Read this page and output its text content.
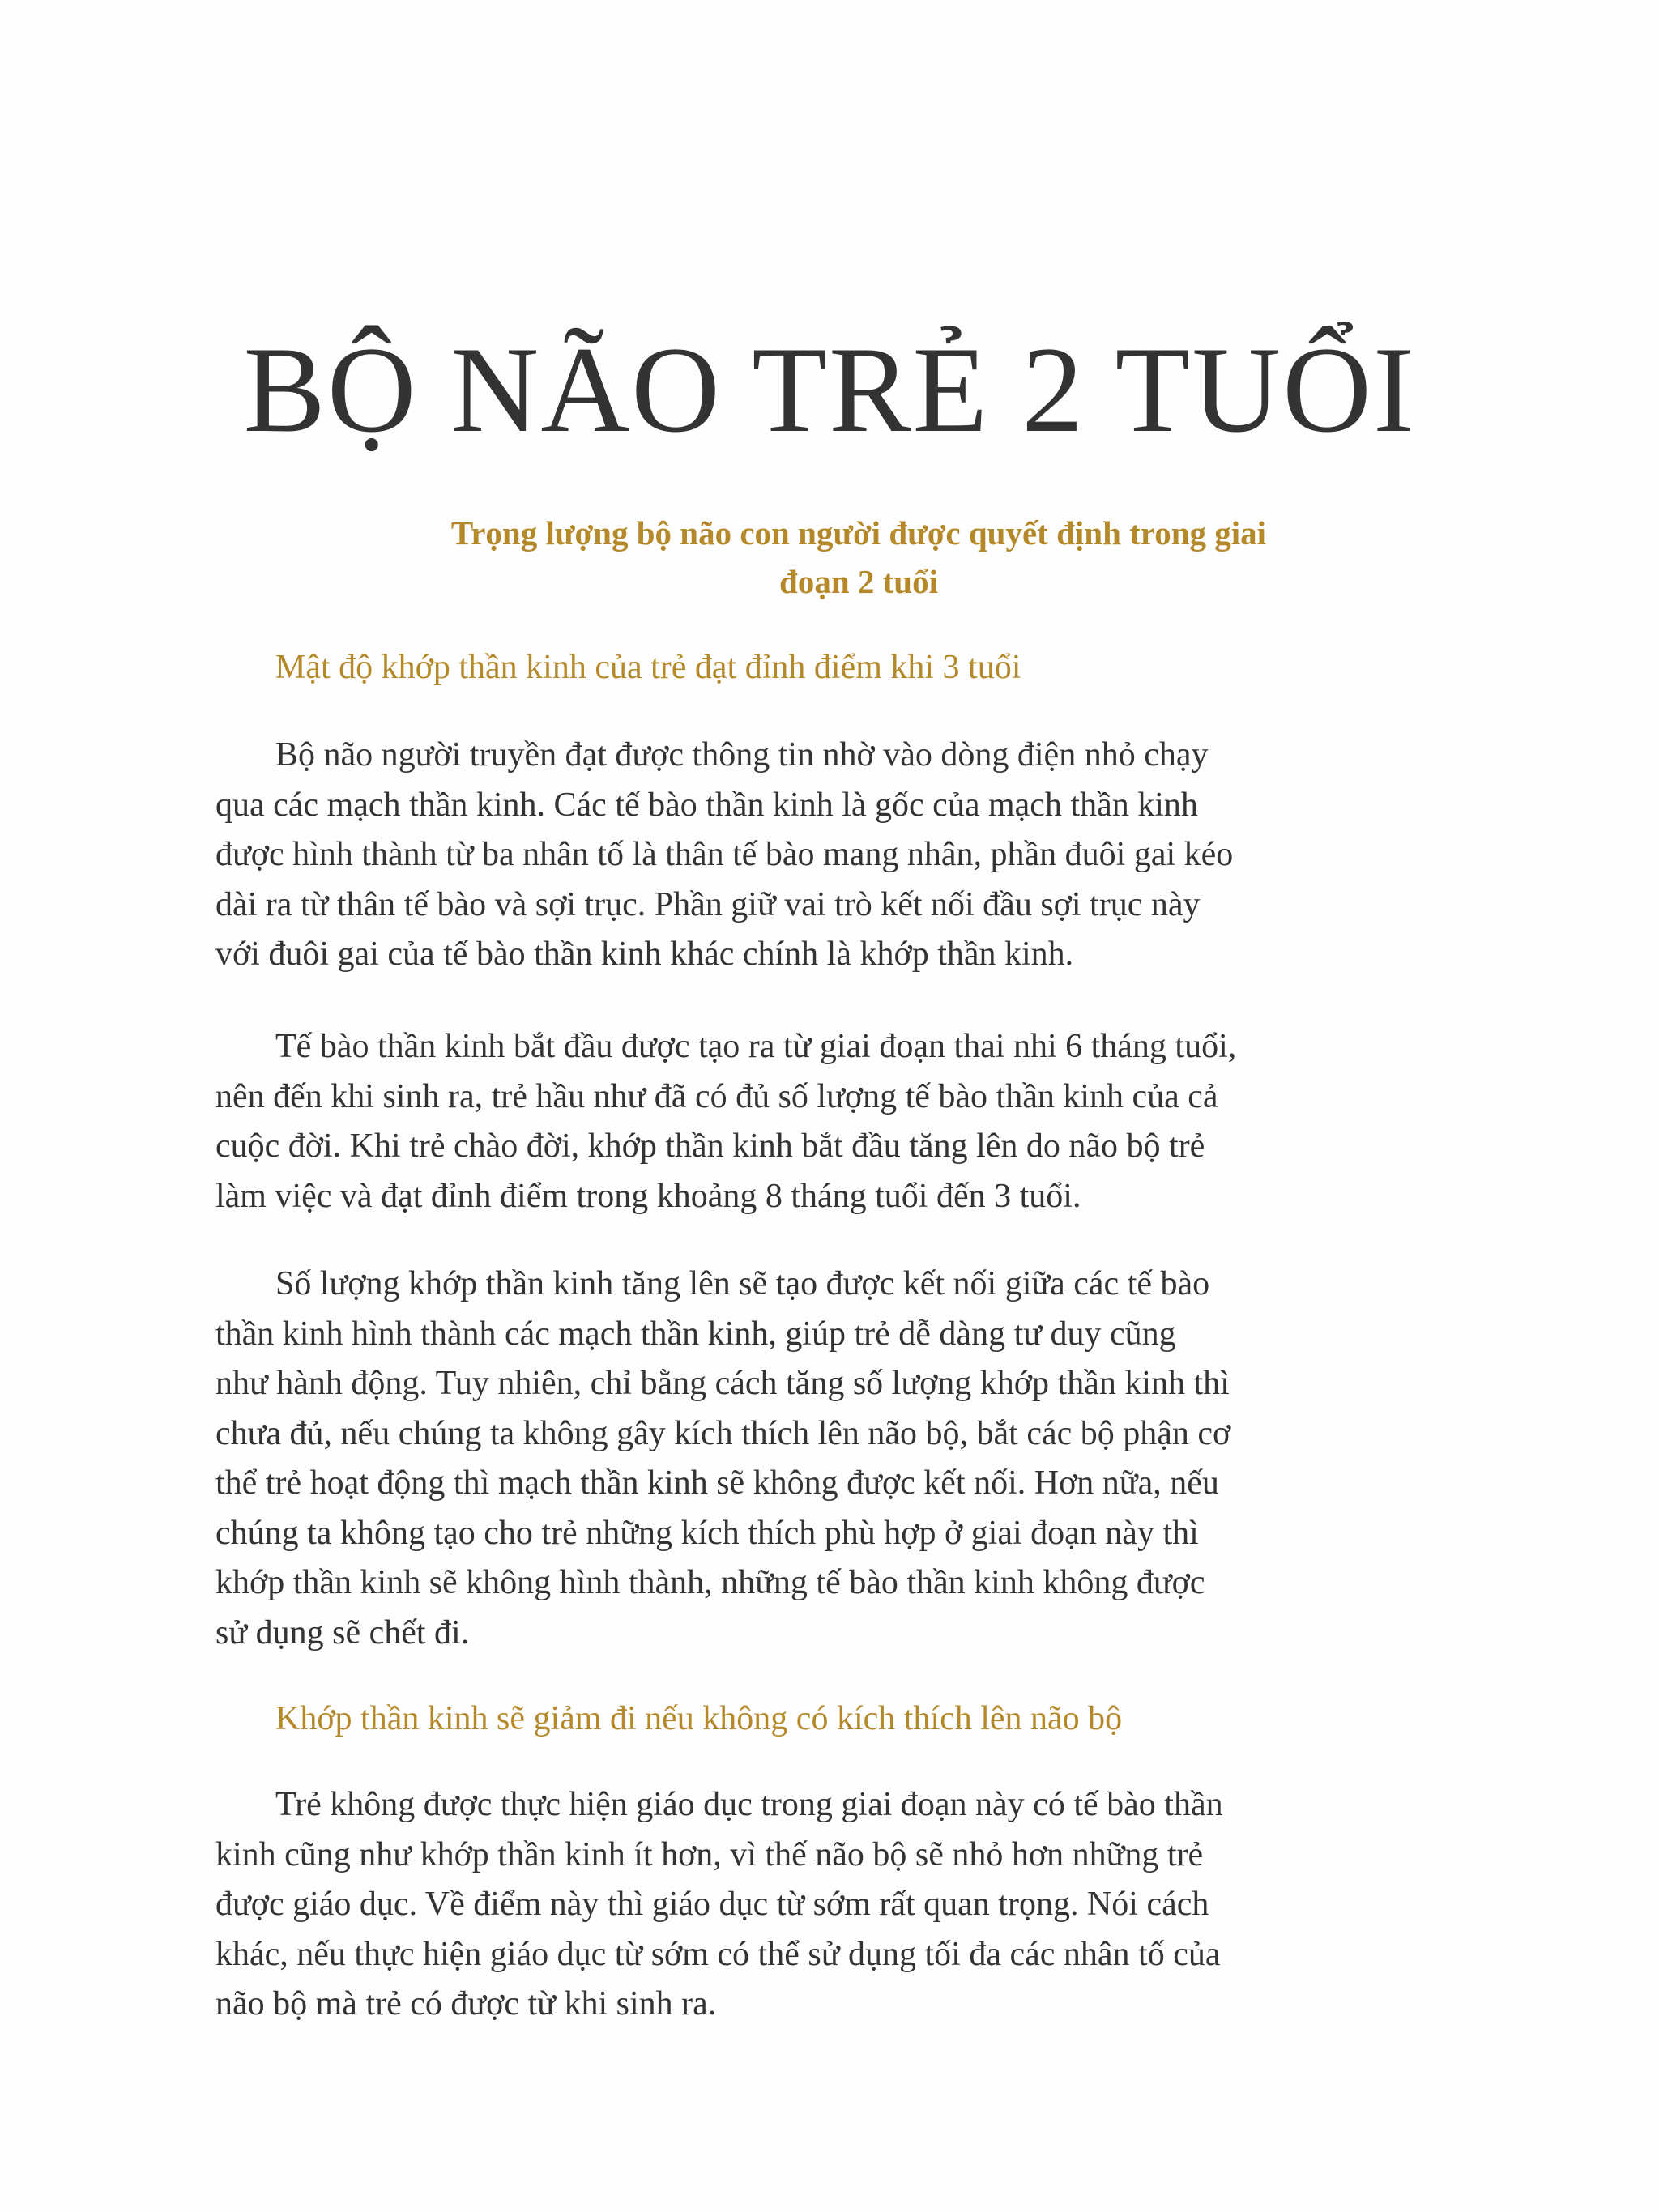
BỘ NÃO TRẺ 2 TUỔI

Trọng lượng bộ não con người được quyết định trong giai
đoạn 2 tuổi

Mật độ khớp thần kinh của trẻ đạt đỉnh điểm khi 3 tuổi

Bộ não người truyền đạt được thông tin nhờ vào dòng điện nhỏ chạy
qua các mạch thần kinh. Các tế bào thần kinh là gốc của mạch thần kinh
được hình thành từ ba nhân tố là thân tế bào mang nhân, phần đuôi gai kéo
dài ra từ thân tế bào và sợi trục. Phần giữ vai trò kết nối đầu sợi trục này
với đuôi gai của tế bào thần kinh khác chính là khớp thần kinh.

Tế bào thần kinh bắt đầu được tạo ra từ giai đoạn thai nhi 6 tháng tuổi,
nên đến khi sinh ra, trẻ hầu như đã có đủ số lượng tế bào thần kinh của cả
cuộc đời. Khi trẻ chào đời, khớp thần kinh bắt đầu tăng lên do não bộ trẻ
làm việc và đạt đỉnh điểm trong khoảng 8 tháng tuổi đến 3 tuổi.

Số lượng khớp thần kinh tăng lên sẽ tạo được kết nối giữa các tế bào
thần kinh hình thành các mạch thần kinh, giúp trẻ dễ dàng tư duy cũng
như hành động. Tuy nhiên, chỉ bằng cách tăng số lượng khớp thần kinh thì
chưa đủ, nếu chúng ta không gây kích thích lên não bộ, bắt các bộ phận cơ
thể trẻ hoạt động thì mạch thần kinh sẽ không được kết nối. Hơn nữa, nếu
chúng ta không tạo cho trẻ những kích thích phù hợp ở giai đoạn này thì
khớp thần kinh sẽ không hình thành, những tế bào thần kinh không được
sử dụng sẽ chết đi.

Khớp thần kinh sẽ giảm đi nếu không có kích thích lên não bộ

Trẻ không được thực hiện giáo dục trong giai đoạn này có tế bào thần
kinh cũng như khớp thần kinh ít hơn, vì thế não bộ sẽ nhỏ hơn những trẻ
được giáo dục. Về điểm này thì giáo dục từ sớm rất quan trọng. Nói cách
khác, nếu thực hiện giáo dục từ sớm có thể sử dụng tối đa các nhân tố của
não bộ mà trẻ có được từ khi sinh ra.
